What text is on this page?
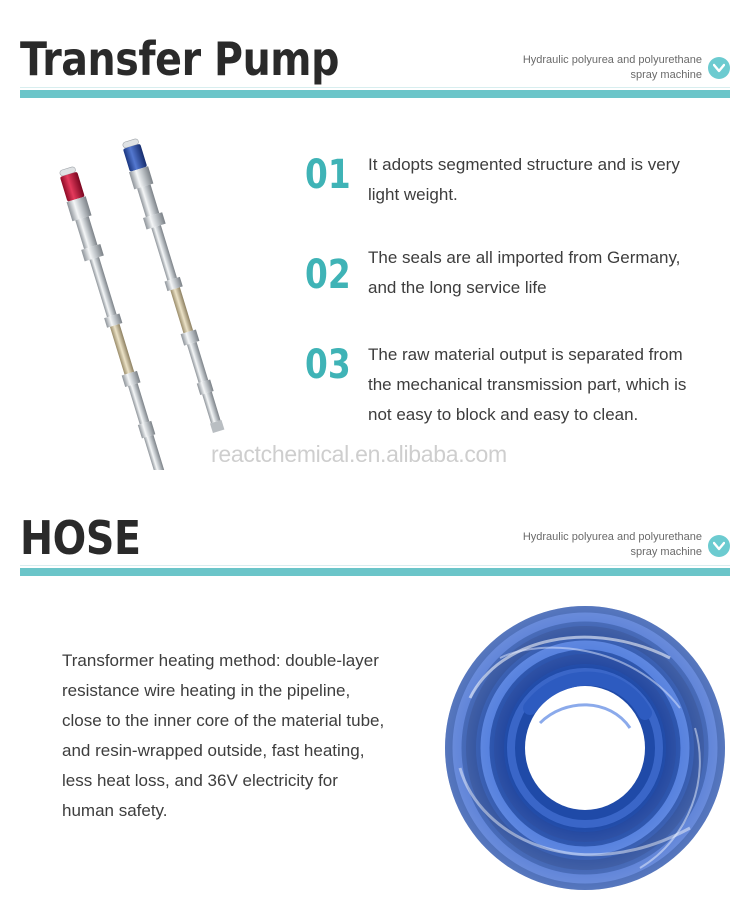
Transfer Pump	Hydraulic polyurea and polyurethane
spray machine
01 It adopts segmented structure and is very
light weight.
02 The seals are all imported from Germany,
and the long service life
03 The raw material output is separated from
the mechanical transmission part, which is
not easy to block and easy to clean.
reactchemical.en.alibaba.com
HOSE	Hydraulic polyurea and polyurethane
spray machine
Transformer heating method: double-layer
resistance wire heating in the pipeline,
close to the inner core of the material tube,
and resin-wrapped outside, fast heating,
less heat loss, and 36V electricity for
human safety.
